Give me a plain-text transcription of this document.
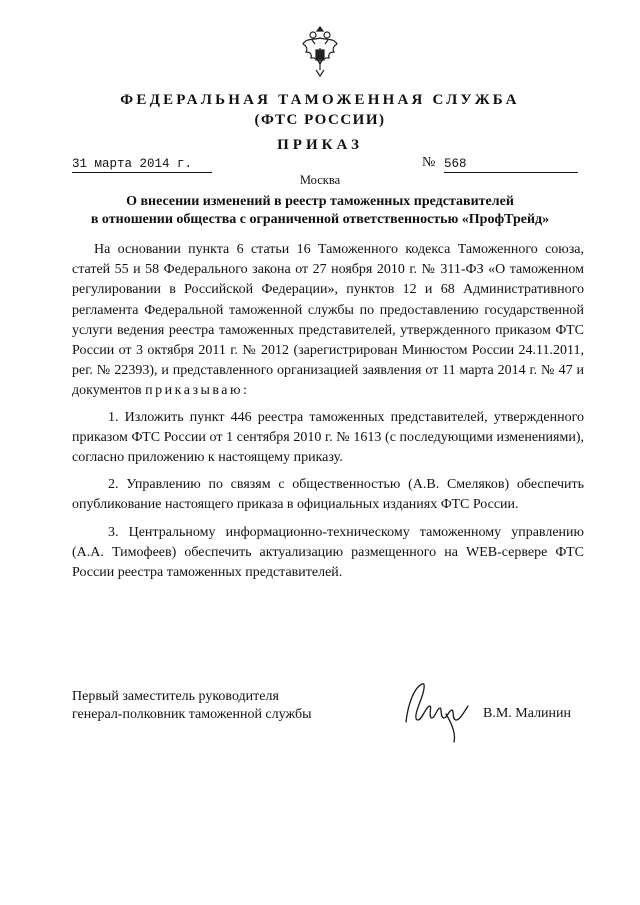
ФЕДЕРАЛЬНАЯ ТАМОЖЕННАЯ СЛУЖБА
(ФТС РОССИИ)
ПРИКАЗ
31 марта 2014 г.	№ 568
Москва
О внесении изменений в реестр таможенных представителей
в отношении общества с ограниченной ответственностью «ПрофТрейд»

На основании пункта 6 статьи 16 Таможенного кодекса Таможенного союза, статей 55 и 58 Федерального закона от 27 ноября 2010 г. № 311-ФЗ «О таможенном регулировании в Российской Федерации», пунктов 12 и 68 Административного регламента Федеральной таможенной службы по предоставлению государственной услуги ведения реестра таможенных представителей, утвержденного приказом ФТС России от 3 октября 2011 г. № 2012 (зарегистрирован Минюстом России 24.11.2011, рег. № 22393), и представленного организацией заявления от 11 марта 2014 г. № 47 и документов приказываю:

1. Изложить пункт 446 реестра таможенных представителей, утвержденного приказом ФТС России от 1 сентября 2010 г. № 1613 (с последующими изменениями), согласно приложению к настоящему приказу.

2. Управлению по связям с общественностью (А.В. Смеляков) обеспечить опубликование настоящего приказа в официальных изданиях ФТС России.

3. Центральному информационно-техническому таможенному управлению (А.А. Тимофеев) обеспечить актуализацию размещенного на WEB-сервере ФТС России реестра таможенных представителей.

Первый заместитель руководителя
генерал-полковник таможенной службы	В.М. Малинин
